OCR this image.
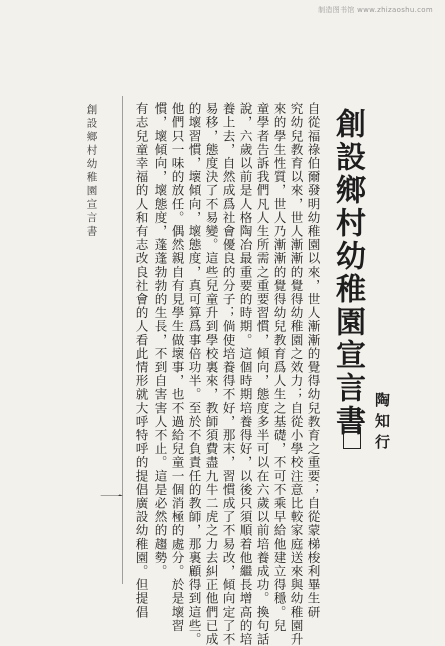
制造图书馆 www.zhizaoshu.com
創設鄉村幼稚園宣言書 陶知行
自從福祿伯爾發明幼稚園以來，世人漸漸的覺得幼兒教育之重要；自從蒙梯梭利畢生研
究幼兒教育以來，世人漸漸的覺得幼稚園之效力；自從小學校注意比較家庭送來與幼稚園升
來的學生性質，世人乃漸漸的覺得幼兒教育爲人生之基礎，不可不乘早給他建立得穩。兒
童學者告訴我們凡人生所需之重要習慣，傾向，態度多半可以在六歲以前培養成功。換句話
說，六歲以前是人格陶冶最重要的時期。這個時期培養得好，以後只須順着他繼長增高的培
養上去，自然成爲社會優良的分子；倘使培養得不好，那末，習慣成了不易改，傾向定了不
易移，態度決了不易變。這些兒童升到學校裏來，教師須費盡九牛二虎之力去糾正他們已成
的壞習慣，壞傾向，壞態度，真可算爲事倍功半。至於不負責任的教師，那裏顧得到這些。
他們只一味的放任。偶然親自有見學生做壞事，也不過給兒童一個消極的處分。於是壞習
慣，壞傾向，壞態度，蓬蓬勃勃的生長，不到自害害人不止。這是必然的趨勢。
有志兒童幸福的人和有志改良社會的人看此情形就大呼特呼的提倡廣設幼稚園。但提倡
一
創設鄉村幼稚園宣言書
